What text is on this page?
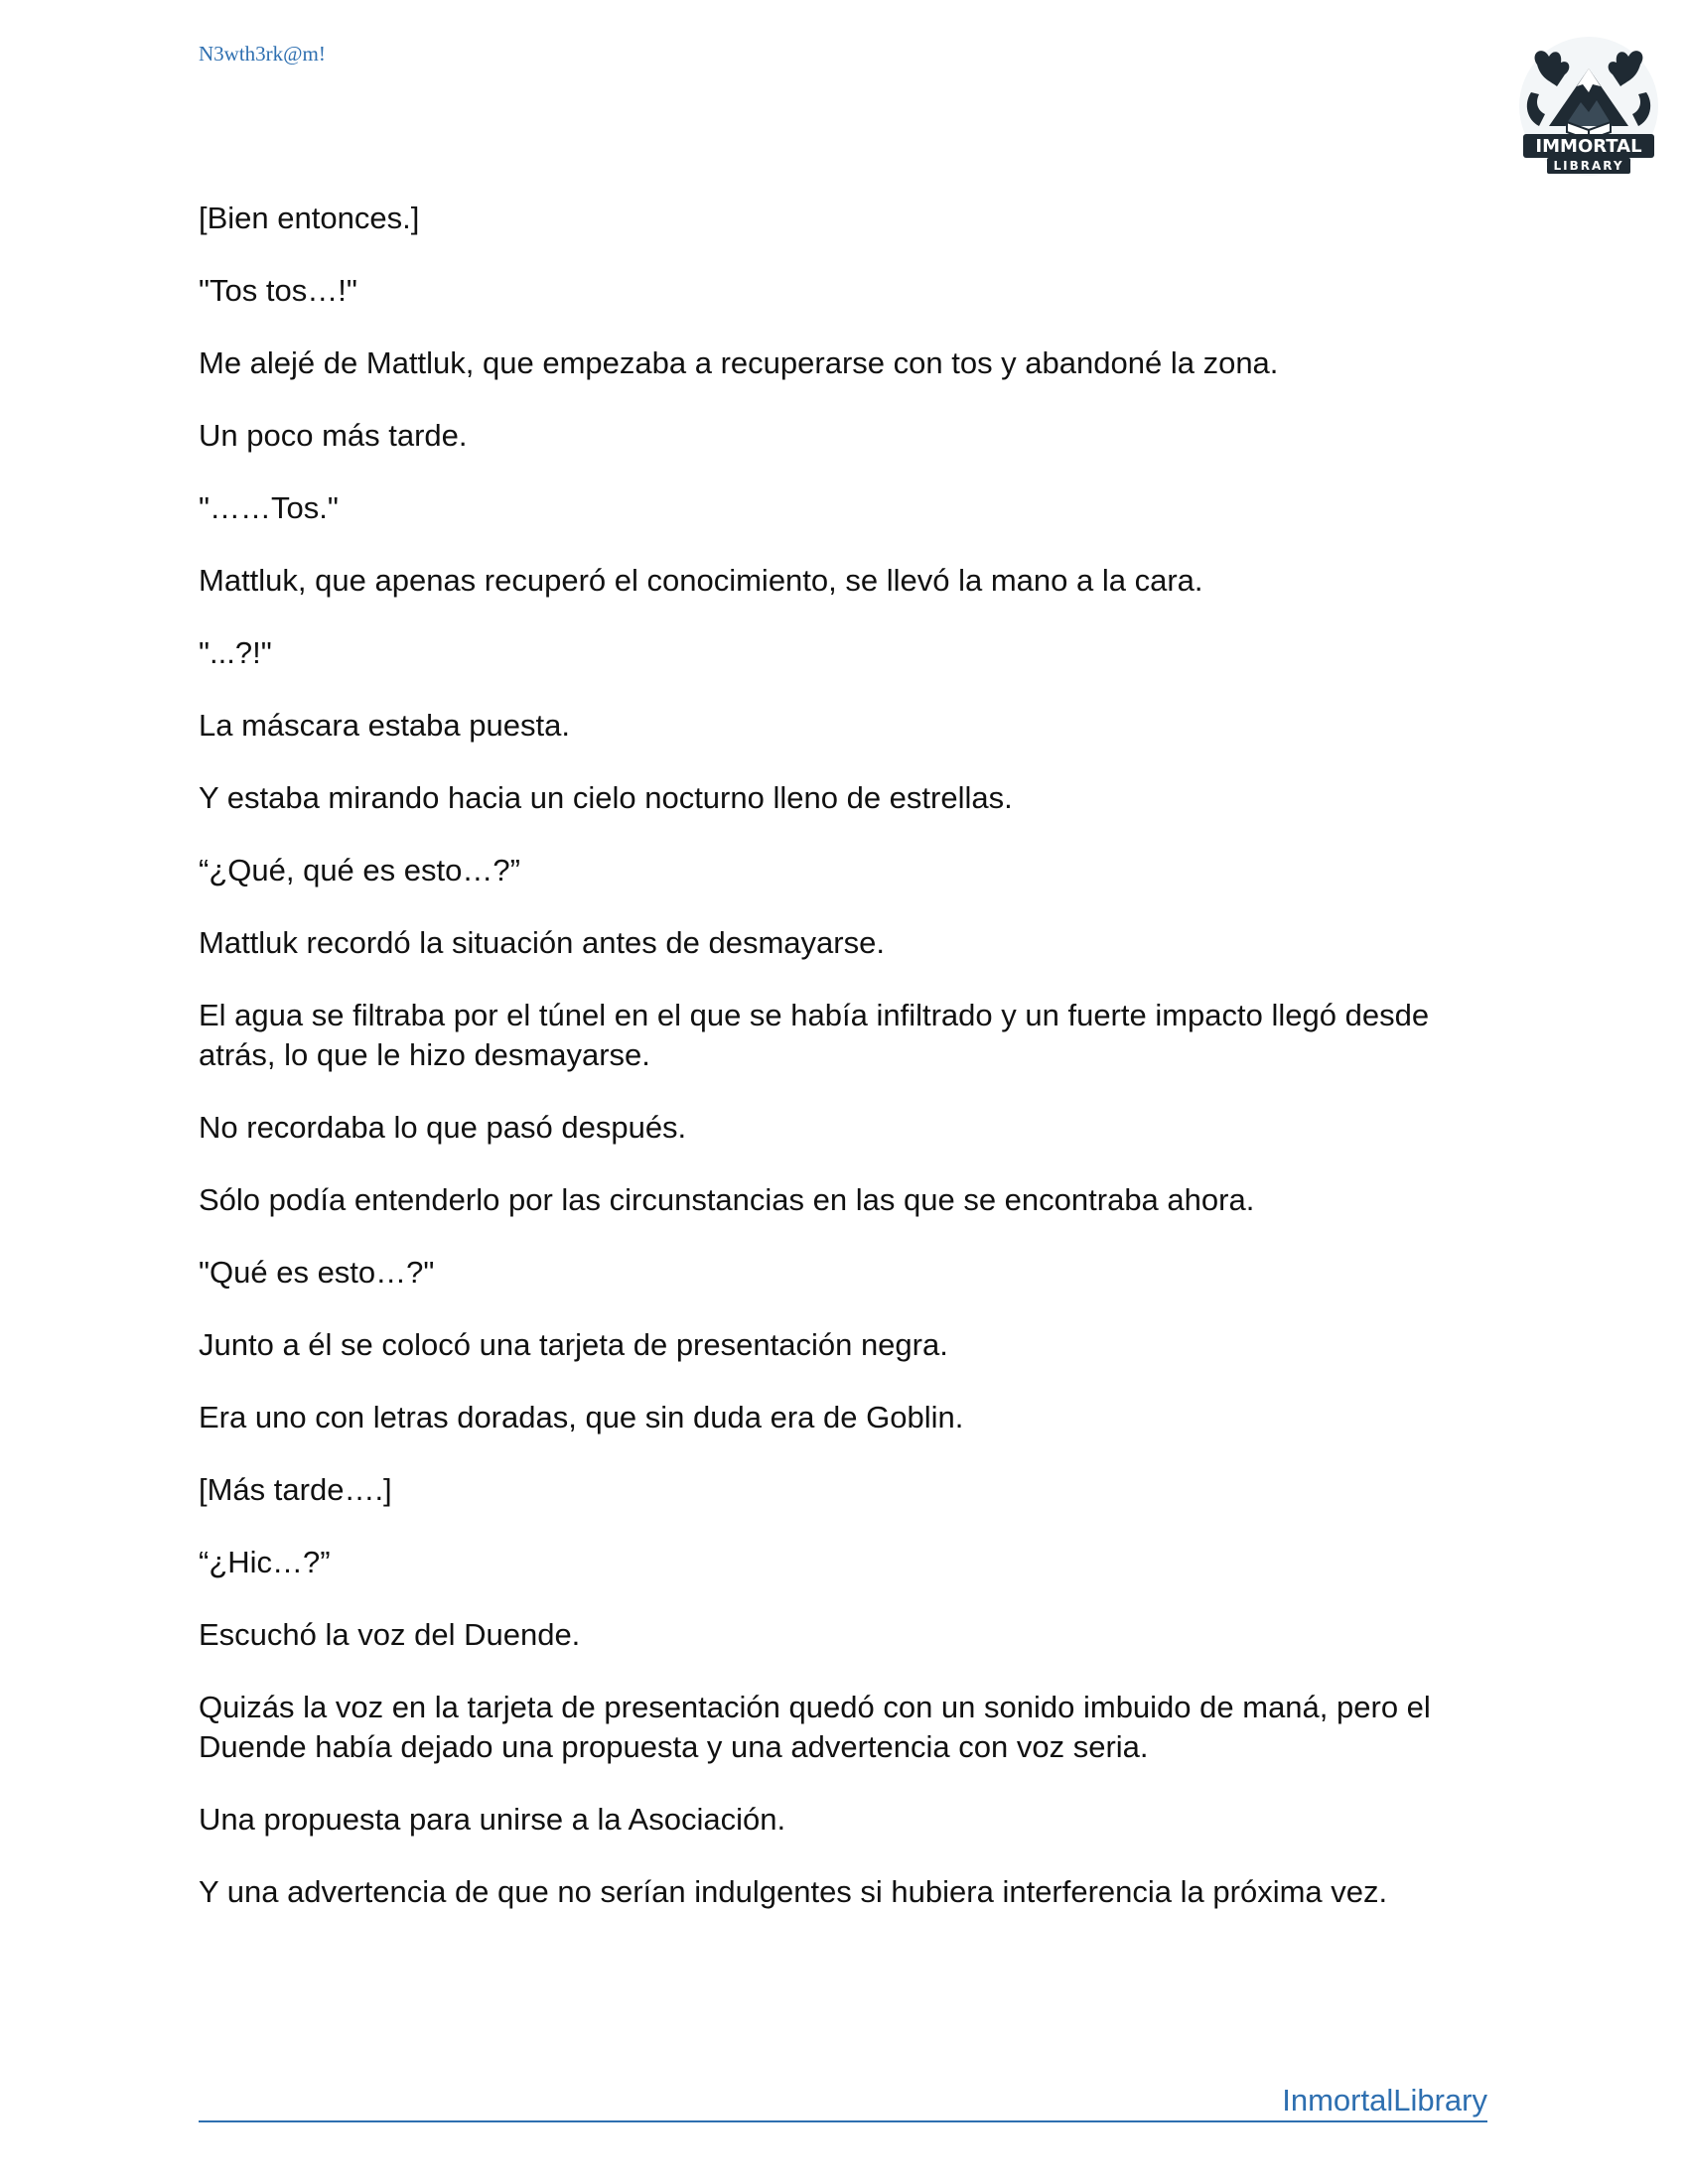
N3wth3rk@m!
IMMORTAL
LIBRARY

[Bien entonces.]

"Tos tos…!"

Me alejé de Mattluk, que empezaba a recuperarse con tos y abandoné la zona.

Un poco más tarde.

"……Tos."

Mattluk, que apenas recuperó el conocimiento, se llevó la mano a la cara.

"...?!"

La máscara estaba puesta.

Y estaba mirando hacia un cielo nocturno lleno de estrellas.

“¿Qué, qué es esto…?”

Mattluk recordó la situación antes de desmayarse.

El agua se filtraba por el túnel en el que se había infiltrado y un fuerte impacto llegó desde atrás, lo que le hizo desmayarse.

No recordaba lo que pasó después.

Sólo podía entenderlo por las circunstancias en las que se encontraba ahora.

"Qué es esto…?"

Junto a él se colocó una tarjeta de presentación negra.

Era uno con letras doradas, que sin duda era de Goblin.

[Más tarde….]

“¿Hic…?”

Escuchó la voz del Duende.

Quizás la voz en la tarjeta de presentación quedó con un sonido imbuido de maná, pero el Duende había dejado una propuesta y una advertencia con voz seria.

Una propuesta para unirse a la Asociación.

Y una advertencia de que no serían indulgentes si hubiera interferencia la próxima vez.

InmortalLibrary
